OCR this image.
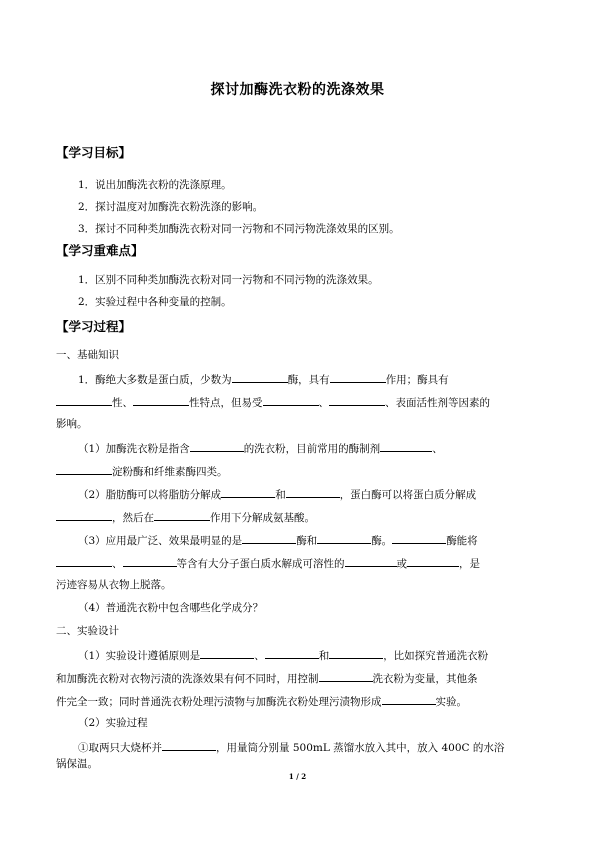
探讨加酶洗衣粉的洗涤效果
【学习目标】
1．说出加酶洗衣粉的洗涤原理。
2．探讨温度对加酶洗衣粉洗涤的影响。
3．探讨不同种类加酶洗衣粉对同一污物和不同污物洗涤效果的区别。
【学习重难点】
1．区别不同种类加酶洗衣粉对同一污物和不同污物的洗涤效果。
2．实验过程中各种变量的控制。
【学习过程】
一、基础知识
1．酶绝大多数是蛋白质，少数为	酶，具有	作用；酶具有
性、	性特点，但易受	、	、表面活性剂等因素的
影响。
（1）加酶洗衣粉是指含	的洗衣粉，目前常用的酶制剂	、
淀粉酶和纤维素酶四类。
（2）脂肪酶可以将脂肪分解成	和	，蛋白酶可以将蛋白质分解成
，然后在	作用下分解成氨基酸。
（3）应用最广泛、效果最明显的是	酶和	酶。	酶能将
、	等含有大分子蛋白质水解成可溶性的	或	，是
污迹容易从衣物上脱落。
（4）普通洗衣粉中包含哪些化学成分？
二、实验设计
（1）实验设计遵循原则是	、	和	，比如探究普通洗衣粉
和加酶洗衣粉对衣物污渍的洗涤效果有何不同时，用控制	洗衣粉为变量，其他条
件完全一致；同时普通洗衣粉处理污渍物与加酶洗衣粉处理污渍物形成	实验。
（2）实验过程
①取两只大烧杯并	，用量筒分别量 500mL 蒸馏水放入其中，放入 400C 的水浴
锅保温。
1 / 2
